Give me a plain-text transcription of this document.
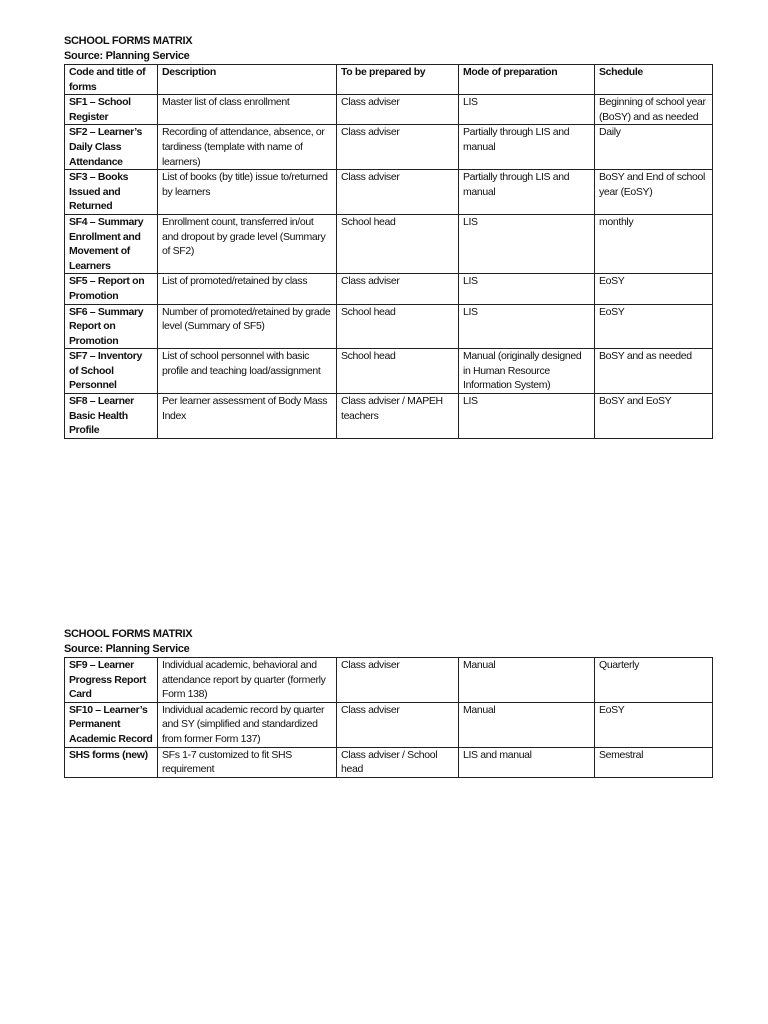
SCHOOL FORMS MATRIX
Source: Planning Service
Code and title of forms	Description	To be prepared by	Mode of preparation	Schedule
SF1 – School Register	Master list of class enrollment	Class adviser	LIS	Beginning of school year (BoSY) and as needed
SF2 – Learner’s Daily Class Attendance	Recording of attendance, absence, or tardiness (template with name of learners)	Class adviser	Partially through LIS and manual	Daily
SF3 – Books Issued and Returned	List of books (by title) issue to/returned by learners	Class adviser	Partially through LIS and manual	BoSY and End of school year (EoSY)
SF4 – Summary Enrollment and Movement of Learners	Enrollment count, transferred in/out and dropout by grade level (Summary of SF2)	School head	LIS	monthly
SF5 – Report on Promotion	List of promoted/retained by class	Class adviser	LIS	EoSY
SF6 – Summary Report on Promotion	Number of promoted/retained by grade level (Summary of SF5)	School head	LIS	EoSY
SF7 – Inventory of School Personnel	List of school personnel with basic profile and teaching load/assignment	School head	Manual (originally designed in Human Resource Information System)	BoSY and as needed
SF8 – Learner Basic Health Profile	Per learner assessment of Body Mass Index	Class adviser / MAPEH teachers	LIS	BoSY and EoSY
SCHOOL FORMS MATRIX
Source: Planning Service
SF9 – Learner Progress Report Card	Individual academic, behavioral and attendance report by quarter (formerly Form 138)	Class adviser	Manual	Quarterly
SF10 – Learner’s Permanent Academic Record	Individual academic record by quarter and SY (simplified and standardized from former Form 137)	Class adviser	Manual	EoSY
SHS forms (new)	SFs 1-7 customized to fit SHS requirement	Class adviser / School head	LIS and manual	Semestral
